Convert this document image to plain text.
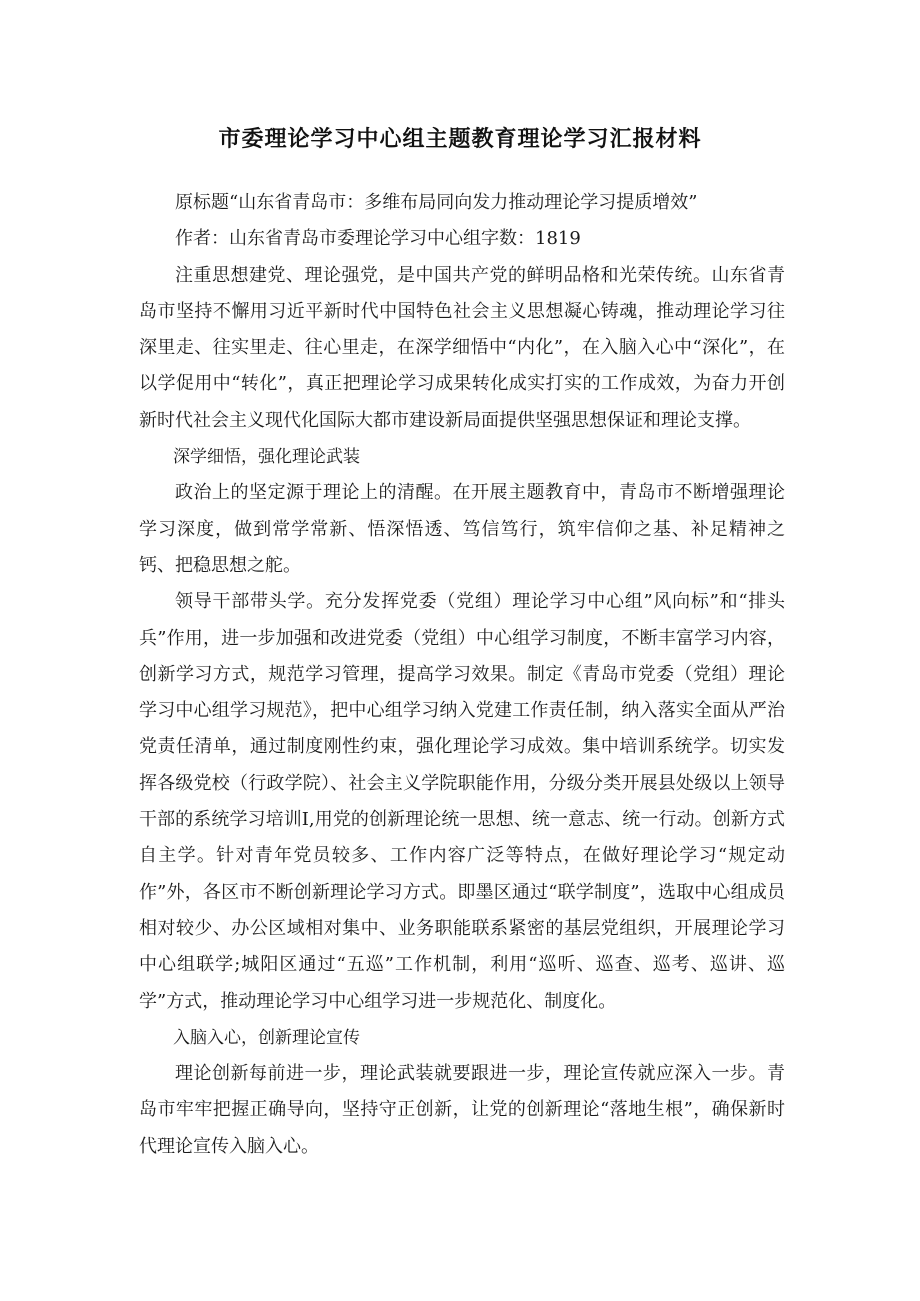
市委理论学习中心组主题教育理论学习汇报材料

原标题“山东省青岛市：多维布局同向发力推动理论学习提质增效”

作者：山东省青岛市委理论学习中心组字数：1819

注重思想建党、理论强党，是中国共产党的鲜明品格和光荣传统。山东省青岛市坚持不懈用习近平新时代中国特色社会主义思想凝心铸魂，推动理论学习往深里走、往实里走、往心里走，在深学细悟中“内化”，在入脑入心中“深化”，在以学促用中“转化”，真正把理论学习成果转化成实打实的工作成效，为奋力开创新时代社会主义现代化国际大都市建设新局面提供坚强思想保证和理论支撑。

深学细悟，强化理论武装

政治上的坚定源于理论上的清醒。在开展主题教育中，青岛市不断增强理论学习深度，做到常学常新、悟深悟透、笃信笃行，筑牢信仰之基、补足精神之钙、把稳思想之舵。

领导干部带头学。充分发挥党委（党组）理论学习中心组”风向标”和“排头兵”作用，进一步加强和改进党委（党组）中心组学习制度，不断丰富学习内容，创新学习方式，规范学习管理，提高学习效果。制定《青岛市党委（党组）理论学习中心组学习规范》，把中心组学习纳入党建工作责任制，纳入落实全面从严治党责任清单，通过制度刚性约束，强化理论学习成效。集中培训系统学。切实发挥各级党校（行政学院）、社会主义学院职能作用，分级分类开展县处级以上领导干部的系统学习培训I,用党的创新理论统一思想、统一意志、统一行动。创新方式自主学。针对青年党员较多、工作内容广泛等特点，在做好理论学习“规定动作”外，各区市不断创新理论学习方式。即墨区通过“联学制度”，选取中心组成员相对较少、办公区域相对集中、业务职能联系紧密的基层党组织，开展理论学习中心组联学;城阳区通过“五巡”工作机制，利用“巡听、巡查、巡考、巡讲、巡学”方式，推动理论学习中心组学习进一步规范化、制度化。

入脑入心，创新理论宣传

理论创新每前进一步，理论武装就要跟进一步，理论宣传就应深入一步。青岛市牢牢把握正确导向，坚持守正创新，让党的创新理论“落地生根”，确保新时代理论宣传入脑入心。
